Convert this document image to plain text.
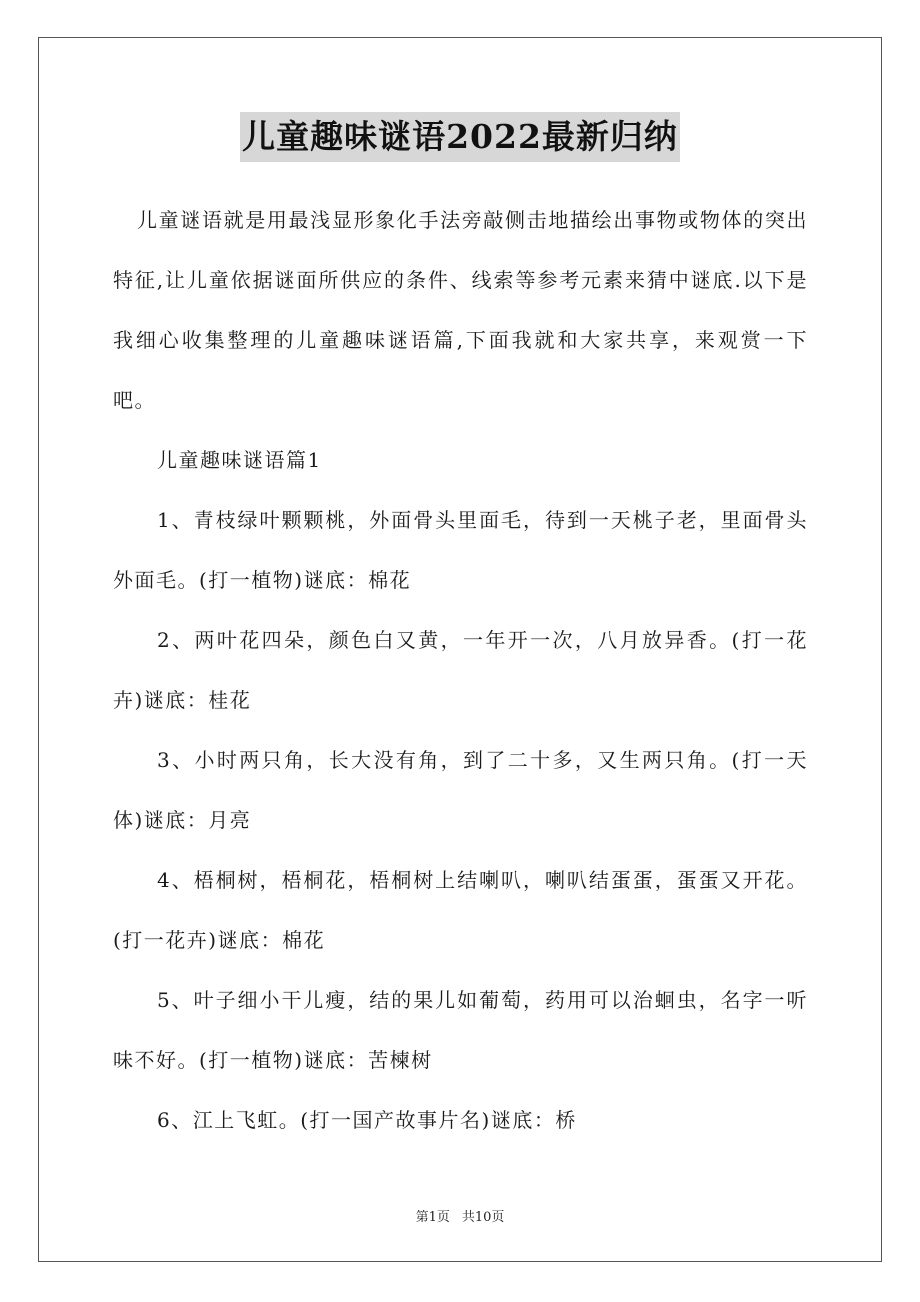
儿童趣味谜语2022最新归纳

儿童谜语就是用最浅显形象化手法旁敲侧击地描绘出事物或物体的突出特征,让儿童依据谜面所供应的条件、线索等参考元素来猜中谜底.以下是我细心收集整理的儿童趣味谜语篇,下面我就和大家共享，来观赏一下吧。

儿童趣味谜语篇1

1、青枝绿叶颗颗桃，外面骨头里面毛，待到一天桃子老，里面骨头外面毛。(打一植物)谜底：棉花

2、两叶花四朵，颜色白又黄，一年开一次，八月放异香。(打一花卉)谜底：桂花

3、小时两只角，长大没有角，到了二十多，又生两只角。(打一天体)谜底：月亮

4、梧桐树，梧桐花，梧桐树上结喇叭，喇叭结蛋蛋，蛋蛋又开花。(打一花卉)谜底：棉花

5、叶子细小干儿瘦，结的果儿如葡萄，药用可以治蛔虫，名字一听味不好。(打一植物)谜底：苦楝树

6、江上飞虹。(打一国产故事片名)谜底：桥

第1页 共10页
